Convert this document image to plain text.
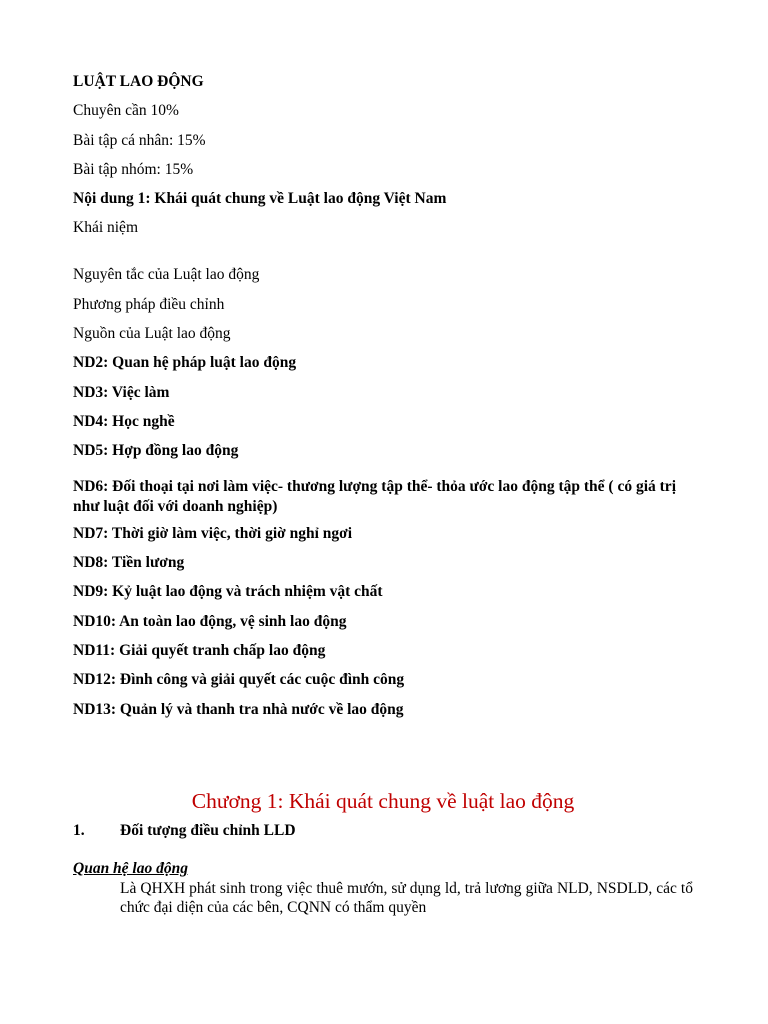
LUẬT LAO ĐỘNG

Chuyên cần 10%

Bài tập cá nhân: 15%

Bài tập nhóm: 15%

Nội dung 1: Khái quát chung về Luật lao động Việt Nam

Khái niệm

Nguyên tắc của Luật lao động

Phương pháp điều chỉnh

Nguồn của Luật lao động

ND2: Quan hệ pháp luật lao động

ND3: Việc làm

ND4: Học nghề

ND5: Hợp đồng lao động

ND6: Đối thoại tại nơi làm việc- thương lượng tập thể- thỏa ước lao động tập thể ( có giá trị như luật đối với doanh nghiệp)

ND7: Thời giờ làm việc, thời giờ nghỉ ngơi

ND8: Tiền lương

ND9: Kỷ luật lao động và trách nhiệm vật chất

ND10: An toàn lao động, vệ sinh lao động

ND11: Giải quyết tranh chấp lao động

ND12: Đình công và giải quyết các cuộc đình công

ND13: Quản lý và thanh tra nhà nước về lao động

Chương 1: Khái quát chung về luật lao động

1.	Đối tượng điều chỉnh LLD

Quan hệ lao động

Là QHXH phát sinh trong việc thuê mướn, sử dụng ld, trả lương giữa NLD, NSDLD, các tổ chức đại diện của các bên, CQNN có thẩm quyền
